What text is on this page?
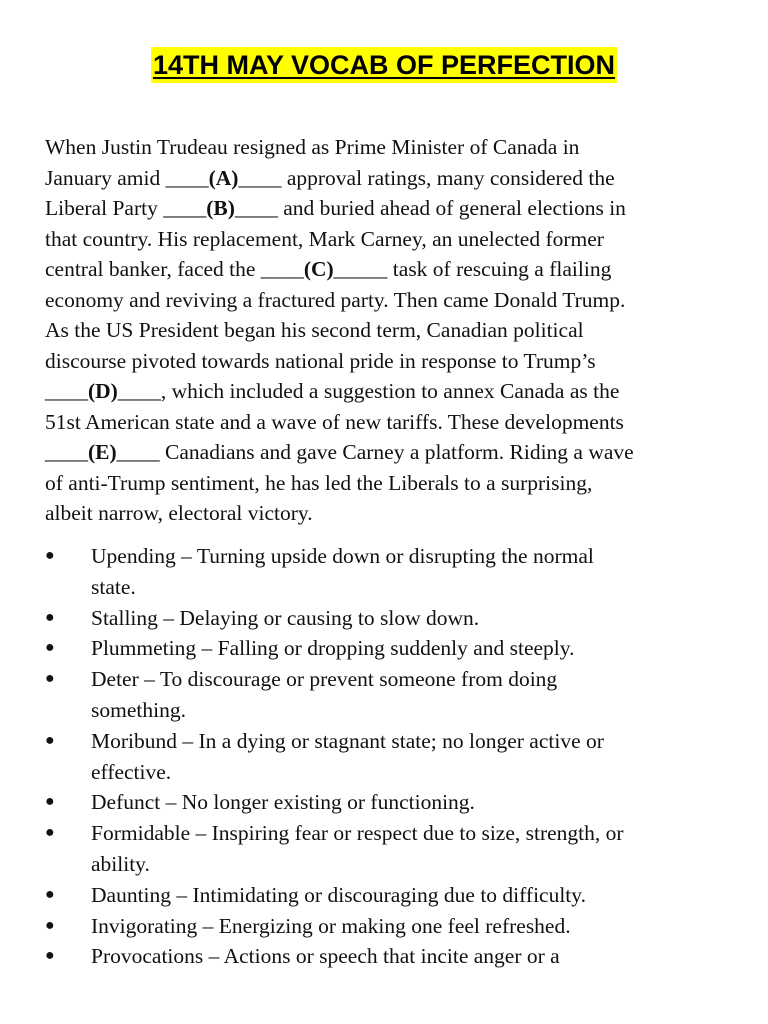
14TH MAY VOCAB OF PERFECTION

When Justin Trudeau resigned as Prime Minister of Canada in

January amid ____(A)____ approval ratings, many considered the

Liberal Party ____(B)____ and buried ahead of general elections in

that country. His replacement, Mark Carney, an unelected former

central banker, faced the ____(C)_____ task of rescuing a flailing

economy and reviving a fractured party. Then came Donald Trump.

As the US President began his second term, Canadian political

discourse pivoted towards national pride in response to Trump’s

____(D)____, which included a suggestion to annex Canada as the

51st American state and a wave of new tariffs. These developments

____(E)____ Canadians and gave Carney a platform. Riding a wave

of anti-Trump sentiment, he has led the Liberals to a surprising,

albeit narrow, electoral victory.

●	Upending – Turning upside down or disrupting the normal
state.
●	Stalling – Delaying or causing to slow down.
●	Plummeting – Falling or dropping suddenly and steeply.
●	Deter – To discourage or prevent someone from doing
something.
●	Moribund – In a dying or stagnant state; no longer active or
effective.
●	Defunct – No longer existing or functioning.
●	Formidable – Inspiring fear or respect due to size, strength, or
ability.
●	Daunting – Intimidating or discouraging due to difficulty.
●	Invigorating – Energizing or making one feel refreshed.
●	Provocations – Actions or speech that incite anger or a
